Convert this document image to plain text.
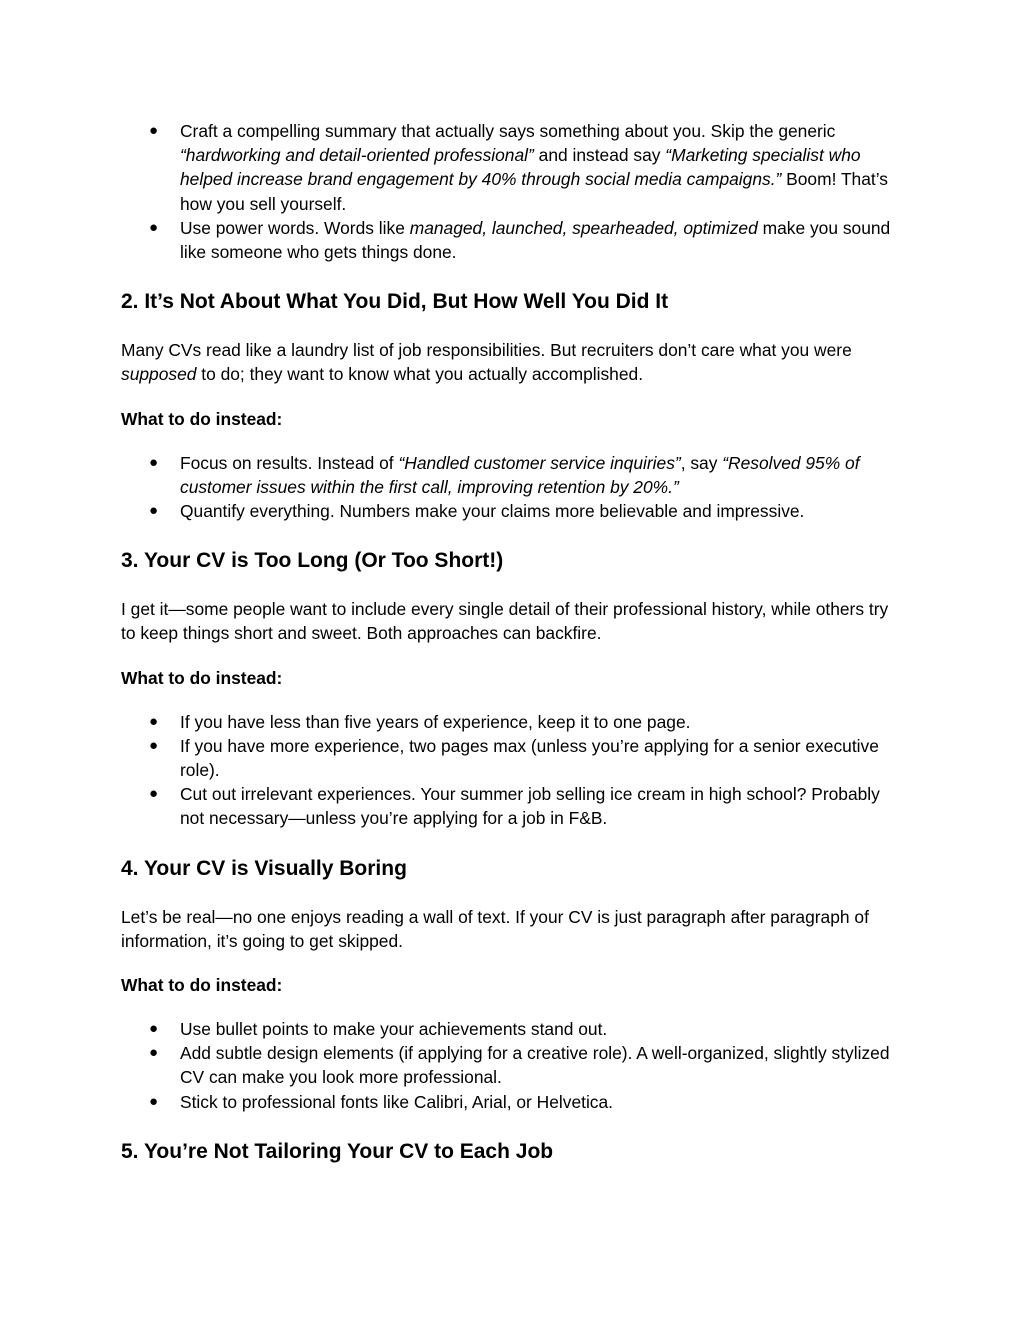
● Craft a compelling summary that actually says something about you. Skip the generic “hardworking and detail-oriented professional” and instead say “Marketing specialist who helped increase brand engagement by 40% through social media campaigns.” Boom! That’s how you sell yourself.
● Use power words. Words like managed, launched, spearheaded, optimized make you sound like someone who gets things done.
2. It’s Not About What You Did, But How Well You Did It

Many CVs read like a laundry list of job responsibilities. But recruiters don’t care what you were supposed to do; they want to know what you actually accomplished.

What to do instead:

● Focus on results. Instead of “Handled customer service inquiries”, say “Resolved 95% of customer issues within the first call, improving retention by 20%.”
● Quantify everything. Numbers make your claims more believable and impressive.
3. Your CV is Too Long (Or Too Short!)

I get it—some people want to include every single detail of their professional history, while others try to keep things short and sweet. Both approaches can backfire.

What to do instead:

● If you have less than five years of experience, keep it to one page.
● If you have more experience, two pages max (unless you’re applying for a senior executive role).
● Cut out irrelevant experiences. Your summer job selling ice cream in high school? Probably not necessary—unless you’re applying for a job in F&B.
4. Your CV is Visually Boring

Let’s be real—no one enjoys reading a wall of text. If your CV is just paragraph after paragraph of information, it’s going to get skipped.

What to do instead:

● Use bullet points to make your achievements stand out.
● Add subtle design elements (if applying for a creative role). A well-organized, slightly stylized CV can make you look more professional.
● Stick to professional fonts like Calibri, Arial, or Helvetica.
5. You’re Not Tailoring Your CV to Each Job
